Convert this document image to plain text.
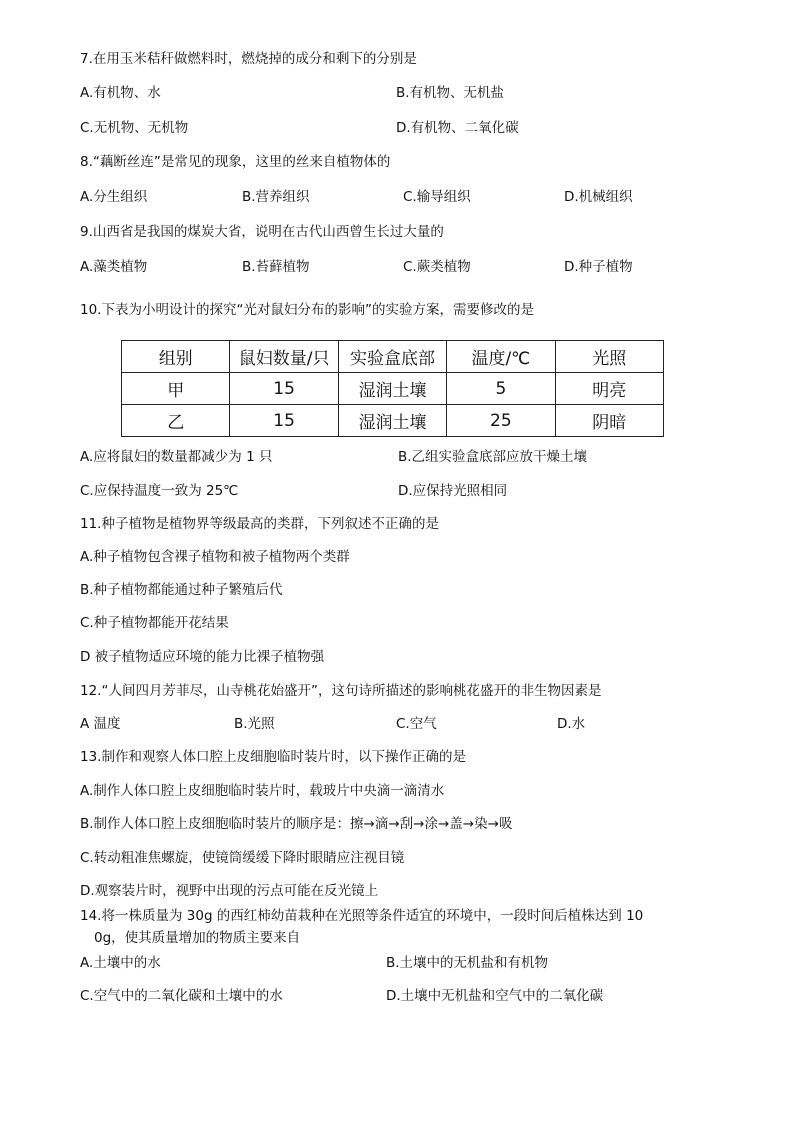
7.在用玉米秸秆做燃料时，燃烧掉的成分和剩下的分别是
A.有机物、水	B.有机物、无机盐
C.无机物、无机物	D.有机物、二氧化碳
8.“藕断丝连”是常见的现象，这里的丝来自植物体的
A.分生组织	B.营养组织	C.输导组织	D.机械组织
9.山西省是我国的煤炭大省，说明在古代山西曾生长过大量的
A.藻类植物	B.苔藓植物	C.蕨类植物	D.种子植物
10.下表为小明设计的探究“光对鼠妇分布的影响”的实验方案，需要修改的是
组别	鼠妇数量/只	实验盒底部	温度/℃	光照
甲	15	湿润土壤	5	明亮
乙	15	湿润土壤	25	阴暗
A.应将鼠妇的数量都减少为 1 只	B.乙组实验盒底部应放干燥土壤
C.应保持温度一致为 25℃	D.应保持光照相同
11.种子植物是植物界等级最高的类群，下列叙述不正确的是
A.种子植物包含裸子植物和被子植物两个类群
B.种子植物都能通过种子繁殖后代
C.种子植物都能开花结果
D 被子植物适应环境的能力比裸子植物强
12.“人间四月芳菲尽，山寺桃花始盛开”，这句诗所描述的影响桃花盛开的非生物因素是
A 温度	B.光照	C.空气	D.水
13.制作和观察人体口腔上皮细胞临时装片时，以下操作正确的是
A.制作人体口腔上皮细胞临时装片时，载玻片中央滴一滴清水
B.制作人体口腔上皮细胞临时装片的顺序是：擦→滴→刮→涂→盖→染→吸
C.转动粗准焦螺旋，使镜筒缓缓下降时眼睛应注视目镜
D.观察装片时，视野中出现的污点可能在反光镜上
14.将一株质量为 30g 的西红柿幼苗栽种在光照等条件适宜的环境中，一段时间后植株达到 10
0g，使其质量增加的物质主要来自
A.土壤中的水	B.土壤中的无机盐和有机物
C.空气中的二氧化碳和土壤中的水	D.土壤中无机盐和空气中的二氧化碳
